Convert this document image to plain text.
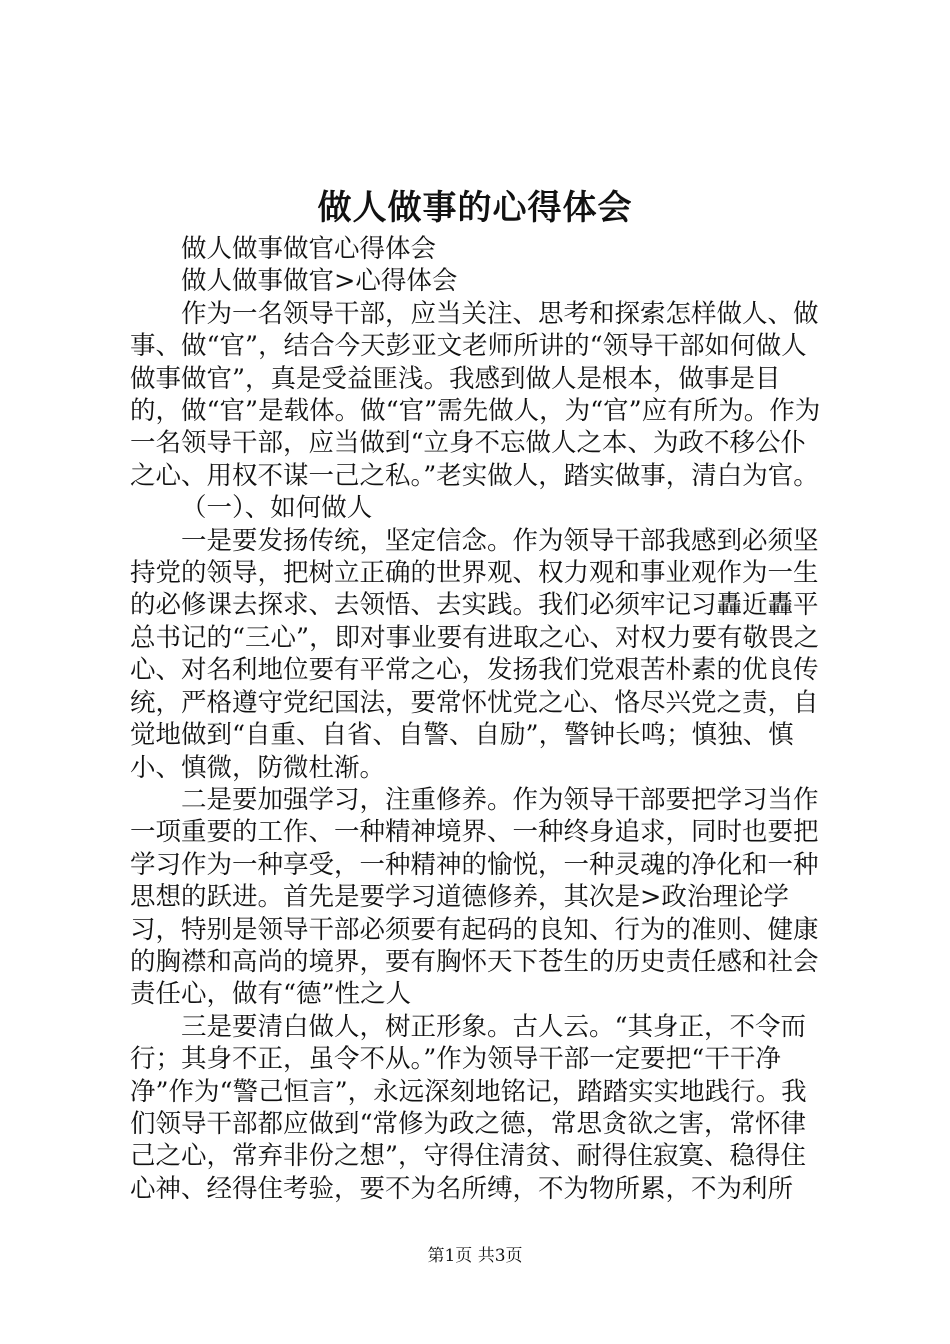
做人做事的心得体会

做人做事做官心得体会

做人做事做官>心得体会

作为一名领导干部，应当关注、思考和探索怎样做人、做事、做“官”，结合今天彭亚文老师所讲的“领导干部如何做人做事做官”，真是受益匪浅。我感到做人是根本，做事是目的，做“官”是载体。做“官”需先做人，为“官”应有所为。作为一名领导干部，应当做到“立身不忘做人之本、为政不移公仆之心、用权不谋一己之私。”老实做人，踏实做事，清白为官。

（一）、如何做人

一是要发扬传统，坚定信念。作为领导干部我感到必须坚持党的领导，把树立正确的世界观、权力观和事业观作为一生的必修课去探求、去领悟、去实践。我们必须牢记习轟近轟平总书记的“三心”，即对事业要有进取之心、对权力要有敬畏之心、对名利地位要有平常之心，发扬我们党艰苦朴素的优良传统，严格遵守党纪国法，要常怀忧党之心、恪尽兴党之责，自觉地做到“自重、自省、自警、自励”，警钟长鸣；慎独、慎小、慎微，防微杜渐。

二是要加强学习，注重修养。作为领导干部要把学习当作一项重要的工作、一种精神境界、一种终身追求，同时也要把学习作为一种享受，一种精神的愉悦，一种灵魂的净化和一种思想的跃进。首先是要学习道德修养，其次是>政治理论学习，特别是领导干部必须要有起码的良知、行为的准则、健康的胸襟和高尚的境界，要有胸怀天下苍生的历史责任感和社会责任心，做有“德”性之人

三是要清白做人，树正形象。古人云。“其身正，不令而行；其身不正，虽令不从。”作为领导干部一定要把“干干净净”作为“警己恒言”，永远深刻地铭记，踏踏实实地践行。我们领导干部都应做到“常修为政之德，常思贪欲之害，常怀律己之心，常弃非份之想”，守得住清贫、耐得住寂寞、稳得住心神、经得住考验，要不为名所缚，不为物所累，不为利所

第1页 共3页
